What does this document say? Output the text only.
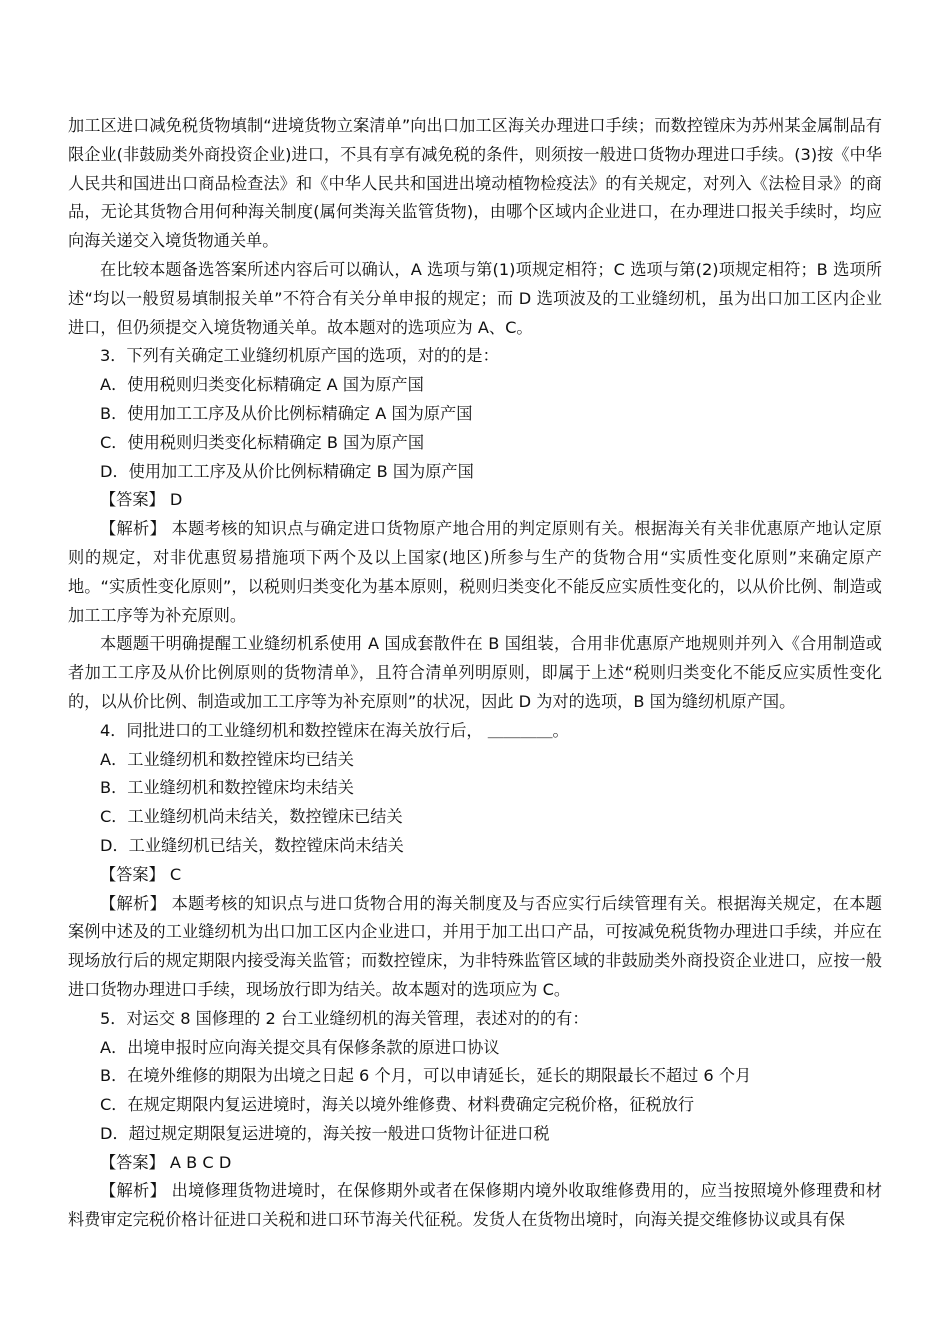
加工区进口减免税货物填制“进境货物立案清单”向出口加工区海关办理进口手续；而数控镗床为苏州某金属制品有限企业(非鼓励类外商投资企业)进口，不具有享有减免税的条件，则须按一般进口货物办理进口手续。(3)按《中华人民共和国进出口商品检查法》和《中华人民共和国进出境动植物检疫法》的有关规定，对列入《法检目录》的商品，无论其货物合用何种海关制度(属何类海关监管货物)，由哪个区域内企业进口，在办理进口报关手续时，均应向海关递交入境货物通关单。

在比较本题备选答案所述内容后可以确认，A 选项与第(1)项规定相符；C 选项与第(2)项规定相符；B 选项所述“均以一般贸易填制报关单”不符合有关分单申报的规定；而 D 选项波及的工业缝纫机，虽为出口加工区内企业进口，但仍须提交入境货物通关单。故本题对的选项应为 A、C。

3．下列有关确定工业缝纫机原产国的选项，对的的是：

A．使用税则归类变化标精确定 A 国为原产国

B．使用加工工序及从价比例标精确定 A 国为原产国

C．使用税则归类变化标精确定 B 国为原产国

D．使用加工工序及从价比例标精确定 B 国为原产国

【答案】 D

【解析】 本题考核的知识点与确定进口货物原产地合用的判定原则有关。根据海关有关非优惠原产地认定原则的规定，对非优惠贸易措施项下两个及以上国家(地区)所参与生产的货物合用“实质性变化原则”来确定原产地。“实质性变化原则”，以税则归类变化为基本原则，税则归类变化不能反应实质性变化的，以从价比例、制造或加工工序等为补充原则。

本题题干明确提醒工业缝纫机系使用 A 国成套散件在 B 国组装，合用非优惠原产地规则并列入《合用制造或者加工工序及从价比例原则的货物清单》，且符合清单列明原则，即属于上述“税则归类变化不能反应实质性变化的，以从价比例、制造或加工工序等为补充原则”的状况，因此 D 为对的选项，B 国为缝纫机原产国。

4．同批进口的工业缝纫机和数控镗床在海关放行后， ＿＿＿＿。

A．工业缝纫机和数控镗床均已结关

B．工业缝纫机和数控镗床均未结关

C．工业缝纫机尚未结关，数控镗床已结关

D．工业缝纫机已结关，数控镗床尚未结关

【答案】 C

【解析】 本题考核的知识点与进口货物合用的海关制度及与否应实行后续管理有关。根据海关规定，在本题案例中述及的工业缝纫机为出口加工区内企业进口，并用于加工出口产品，可按减免税货物办理进口手续，并应在现场放行后的规定期限内接受海关监管；而数控镗床，为非特殊监管区域的非鼓励类外商投资企业进口，应按一般进口货物办理进口手续，现场放行即为结关。故本题对的选项应为 C。

5．对运交 8 国修理的 2 台工业缝纫机的海关管理，表述对的的有：

A．出境申报时应向海关提交具有保修条款的原进口协议

B．在境外维修的期限为出境之日起 6 个月，可以申请延长，延长的期限最长不超过 6 个月

C．在规定期限内复运进境时，海关以境外维修费、材料费确定完税价格，征税放行

D．超过规定期限复运进境的，海关按一般进口货物计征进口税

【答案】 A B C D

【解析】 出境修理货物进境时，在保修期外或者在保修期内境外收取维修费用的，应当按照境外修理费和材料费审定完税价格计征进口关税和进口环节海关代征税。发货人在货物出境时，向海关提交维修协议或具有保
